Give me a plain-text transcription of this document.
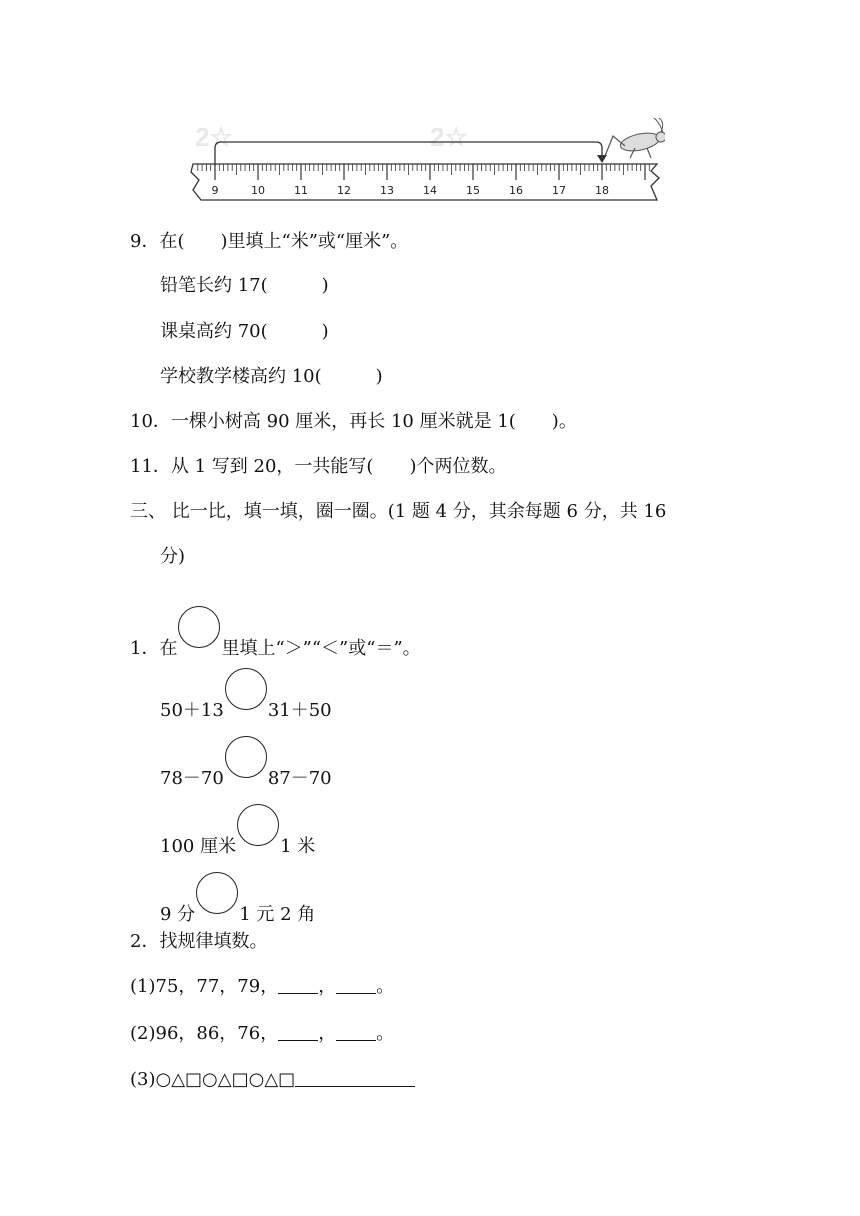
2☆	2☆
9	10	11	12	13	14	15	16	17	18
9．在(　　)里填上“米”或“厘米”。
铅笔长约 17(　　　)
课桌高约 70(　　　)
学校教学楼高约 10(　　　)
10．一棵小树高 90 厘米，再长 10 厘米就是 1(　　)。
11．从 1 写到 20，一共能写(　　)个两位数。
三、 比一比，填一填，圈一圈。(1 题 4 分，其余每题 6 分，共 16
分)
1．在 里填上“＞”“＜”或“＝”。
50＋13 31＋50
78－70 87－70
100 厘米 1 米
9 分 1 元 2 角
2．找规律填数。
(1)75，77，79， ， 。
(2)96，86，76， ， 。
(3)○△□○△□○△□
